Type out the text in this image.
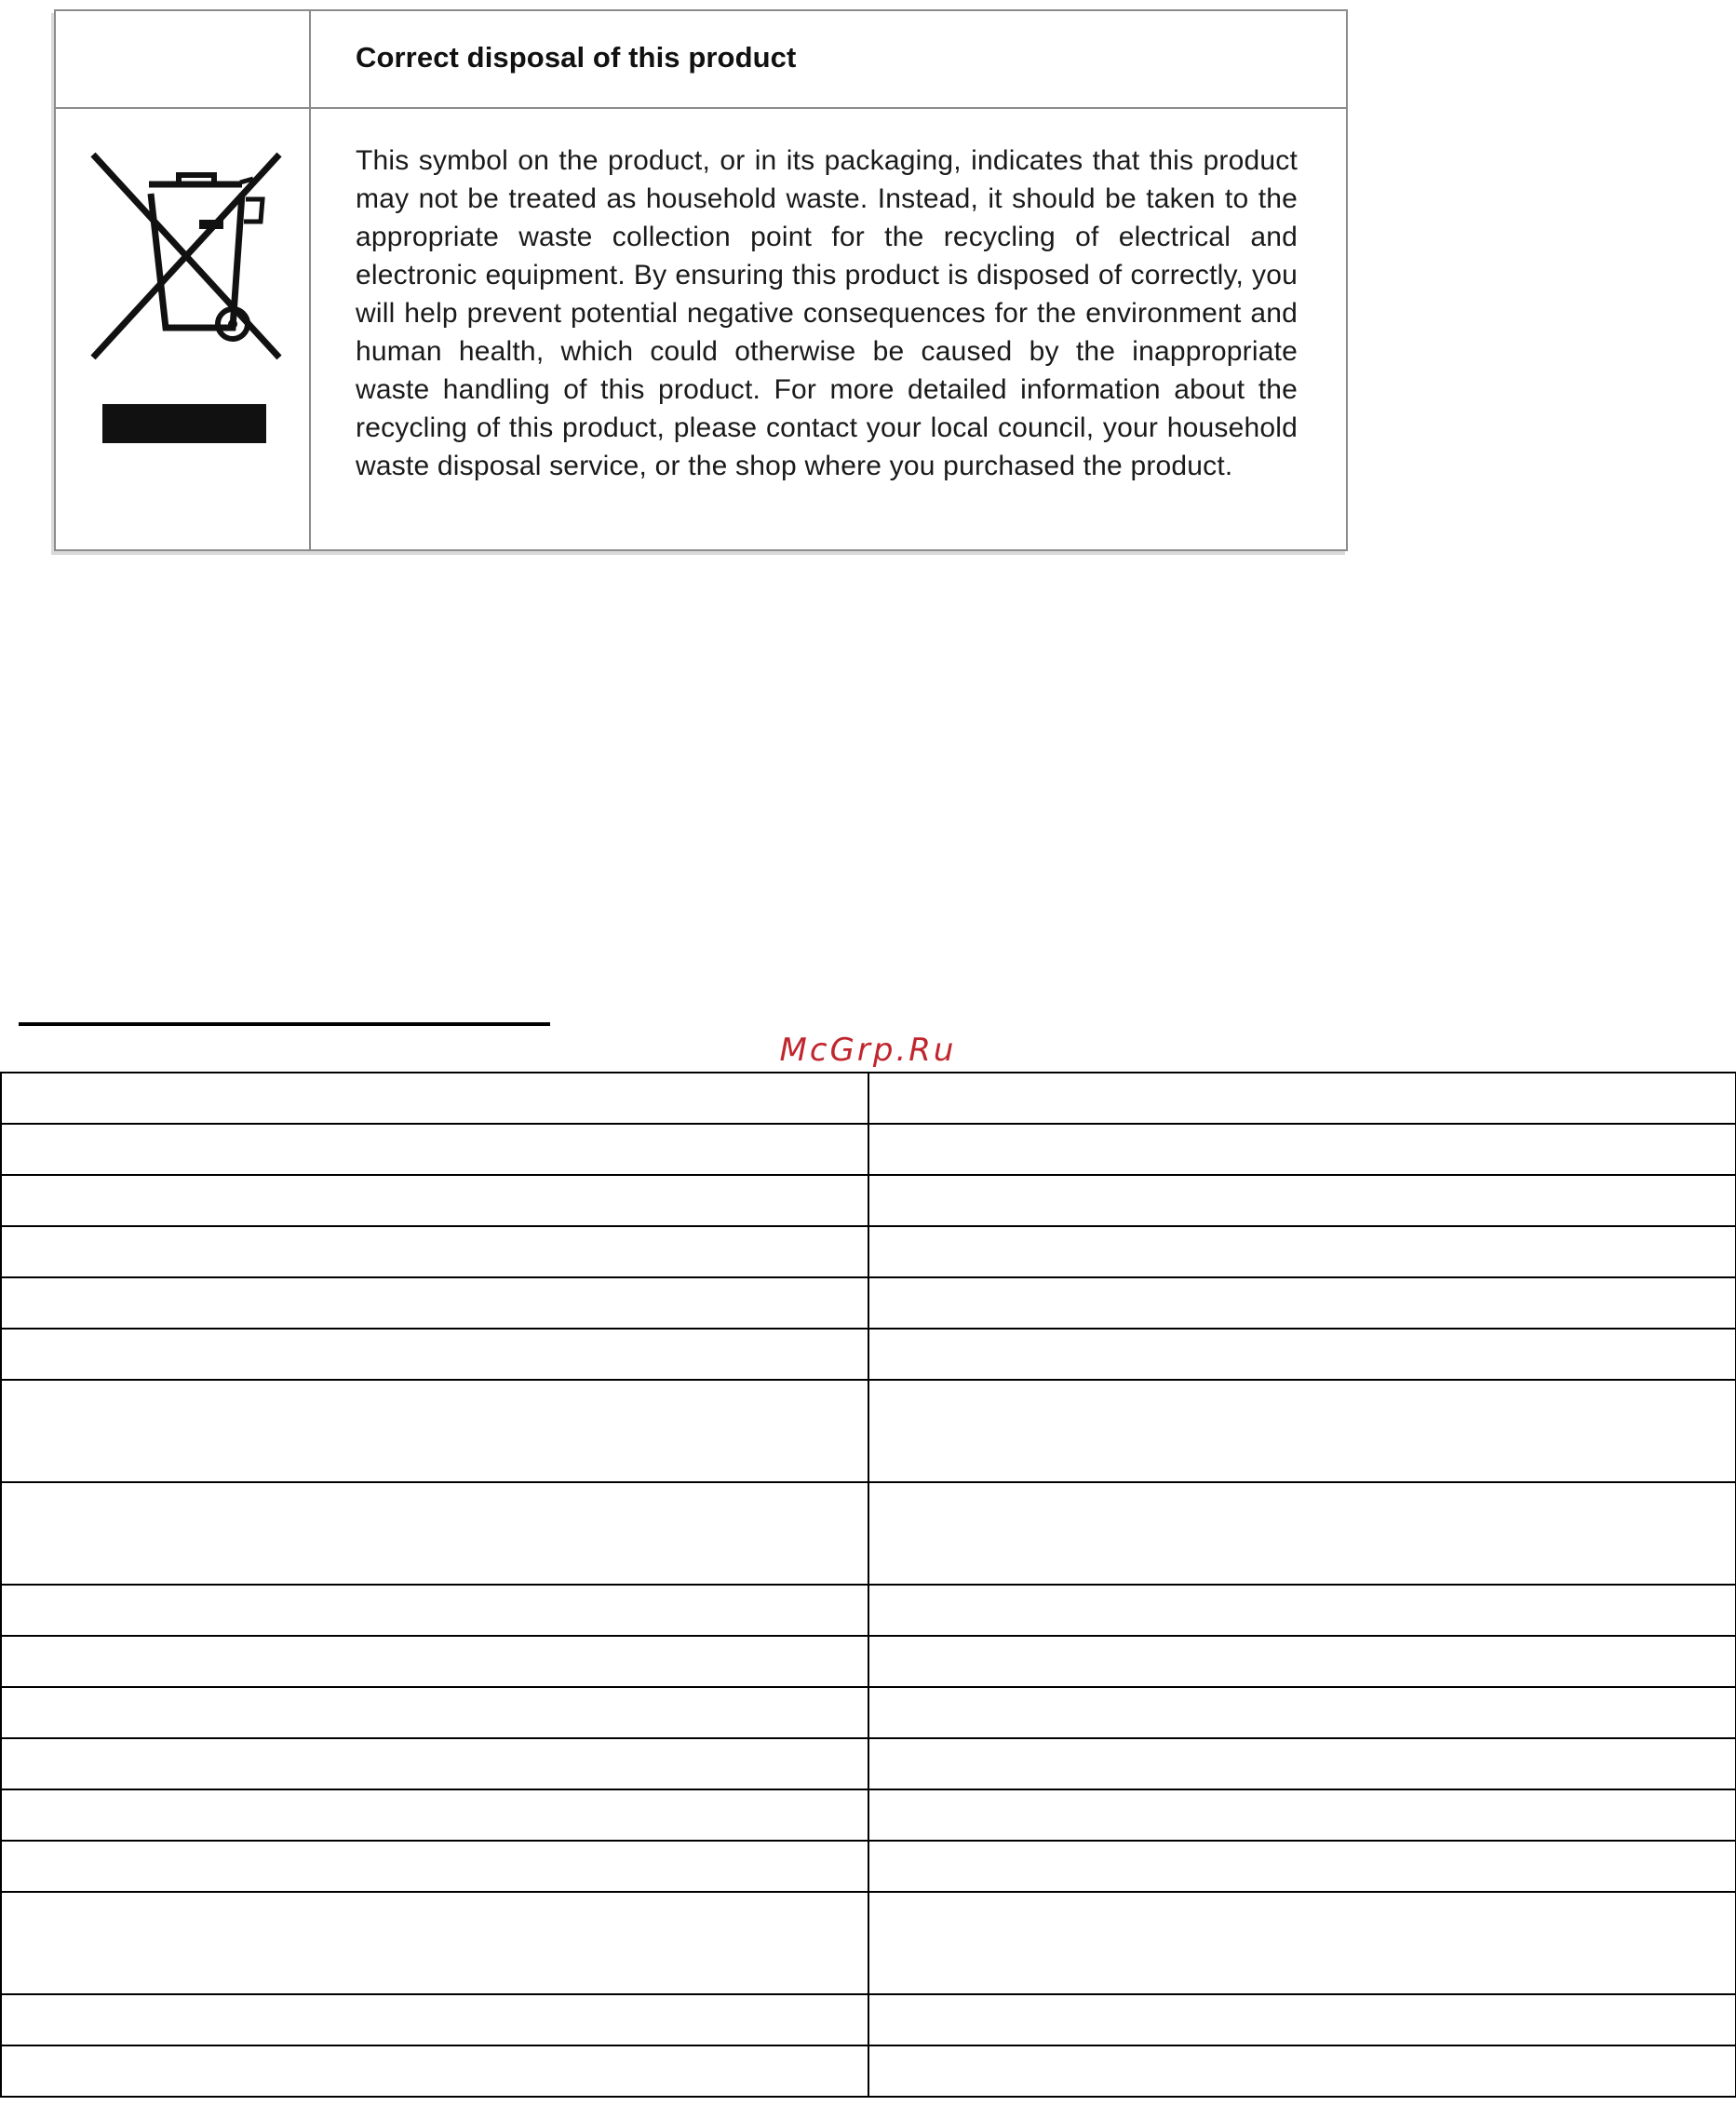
Correct disposal of this product
This symbol on the product, or in its packaging, indicates that this product may not be treated as household waste. Instead, it should be taken to the appropriate waste collection point for the recycling of electrical and electronic equipment. By ensuring this product is disposed of correctly, you will help prevent potential negative consequences for the environment and human health, which could otherwise be caused by the inappropriate waste handling of this product. For more detailed information about the recycling of this product, please contact your local council, your household waste disposal service, or the shop where you purchased the product.
McGrp.Ru
